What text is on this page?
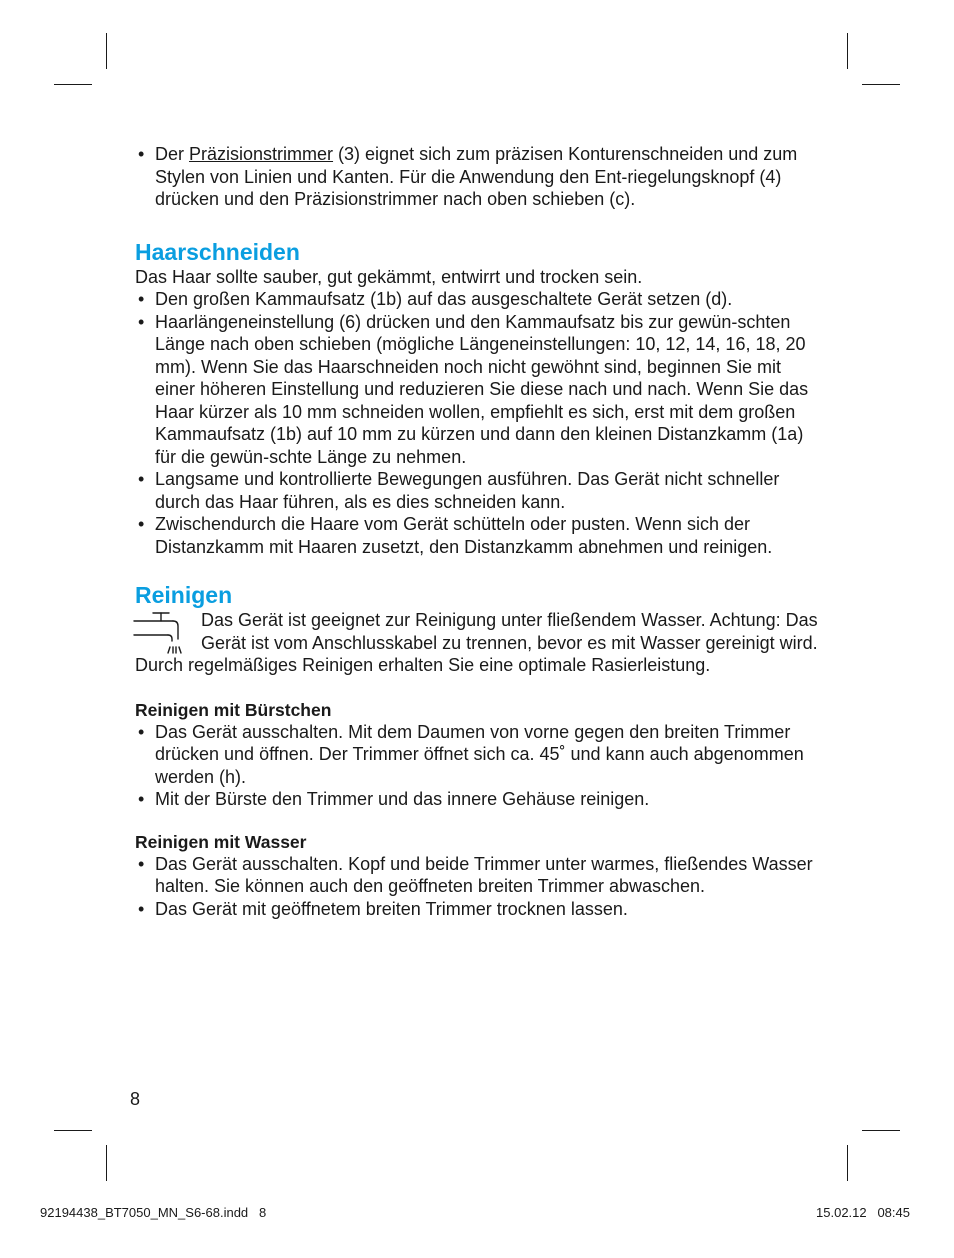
• Der Präzisionstrimmer (3) eignet sich zum präzisen Konturenschneiden und zum Stylen von Linien und Kanten. Für die Anwendung den Ent-riegelungsknopf (4) drücken und den Präzisionstrimmer nach oben schieben (c).
Haarschneiden

Das Haar sollte sauber, gut gekämmt, entwirrt und trocken sein.

• Den großen Kammaufsatz (1b) auf das ausgeschaltete Gerät setzen (d).
• Haarlängeneinstellung (6) drücken und den Kammaufsatz bis zur gewün-schten Länge nach oben schieben (mögliche Längeneinstellungen: 10, 12, 14, 16, 18, 20 mm). Wenn Sie das Haarschneiden noch nicht gewöhnt sind, beginnen Sie mit einer höheren Einstellung und reduzieren Sie diese nach und nach. Wenn Sie das Haar kürzer als 10 mm schneiden wollen, empfiehlt es sich, erst mit dem großen Kammaufsatz (1b) auf 10 mm zu kürzen und dann den kleinen Distanzkamm (1a) für die gewün-schte Länge zu nehmen.
• Langsame und kontrollierte Bewegungen ausführen. Das Gerät nicht schneller durch das Haar führen, als es dies schneiden kann.
• Zwischendurch die Haare vom Gerät schütteln oder pusten. Wenn sich der Distanzkamm mit Haaren zusetzt, den Distanzkamm abnehmen und reinigen.
Reinigen

Das Gerät ist geeignet zur Reinigung unter fließendem Wasser. Achtung: Das Gerät ist vom Anschlusskabel zu trennen, bevor es mit Wasser gereinigt wird.

Durch regelmäßiges Reinigen erhalten Sie eine optimale Rasierleistung.

Reinigen mit Bürstchen
• Das Gerät ausschalten. Mit dem Daumen von vorne gegen den breiten Trimmer drücken und öffnen. Der Trimmer öffnet sich ca. 45˚ und kann auch abgenommen werden (h).
• Mit der Bürste den Trimmer und das innere Gehäuse reinigen.
Reinigen mit Wasser
• Das Gerät ausschalten. Kopf und beide Trimmer unter warmes, fließendes Wasser halten. Sie können auch den geöffneten breiten Trimmer abwaschen.
• Das Gerät mit geöffnetem breiten Trimmer trocknen lassen.
8
92194438_BT7050_MN_S6-68.indd   8	15.02.12   08:45
